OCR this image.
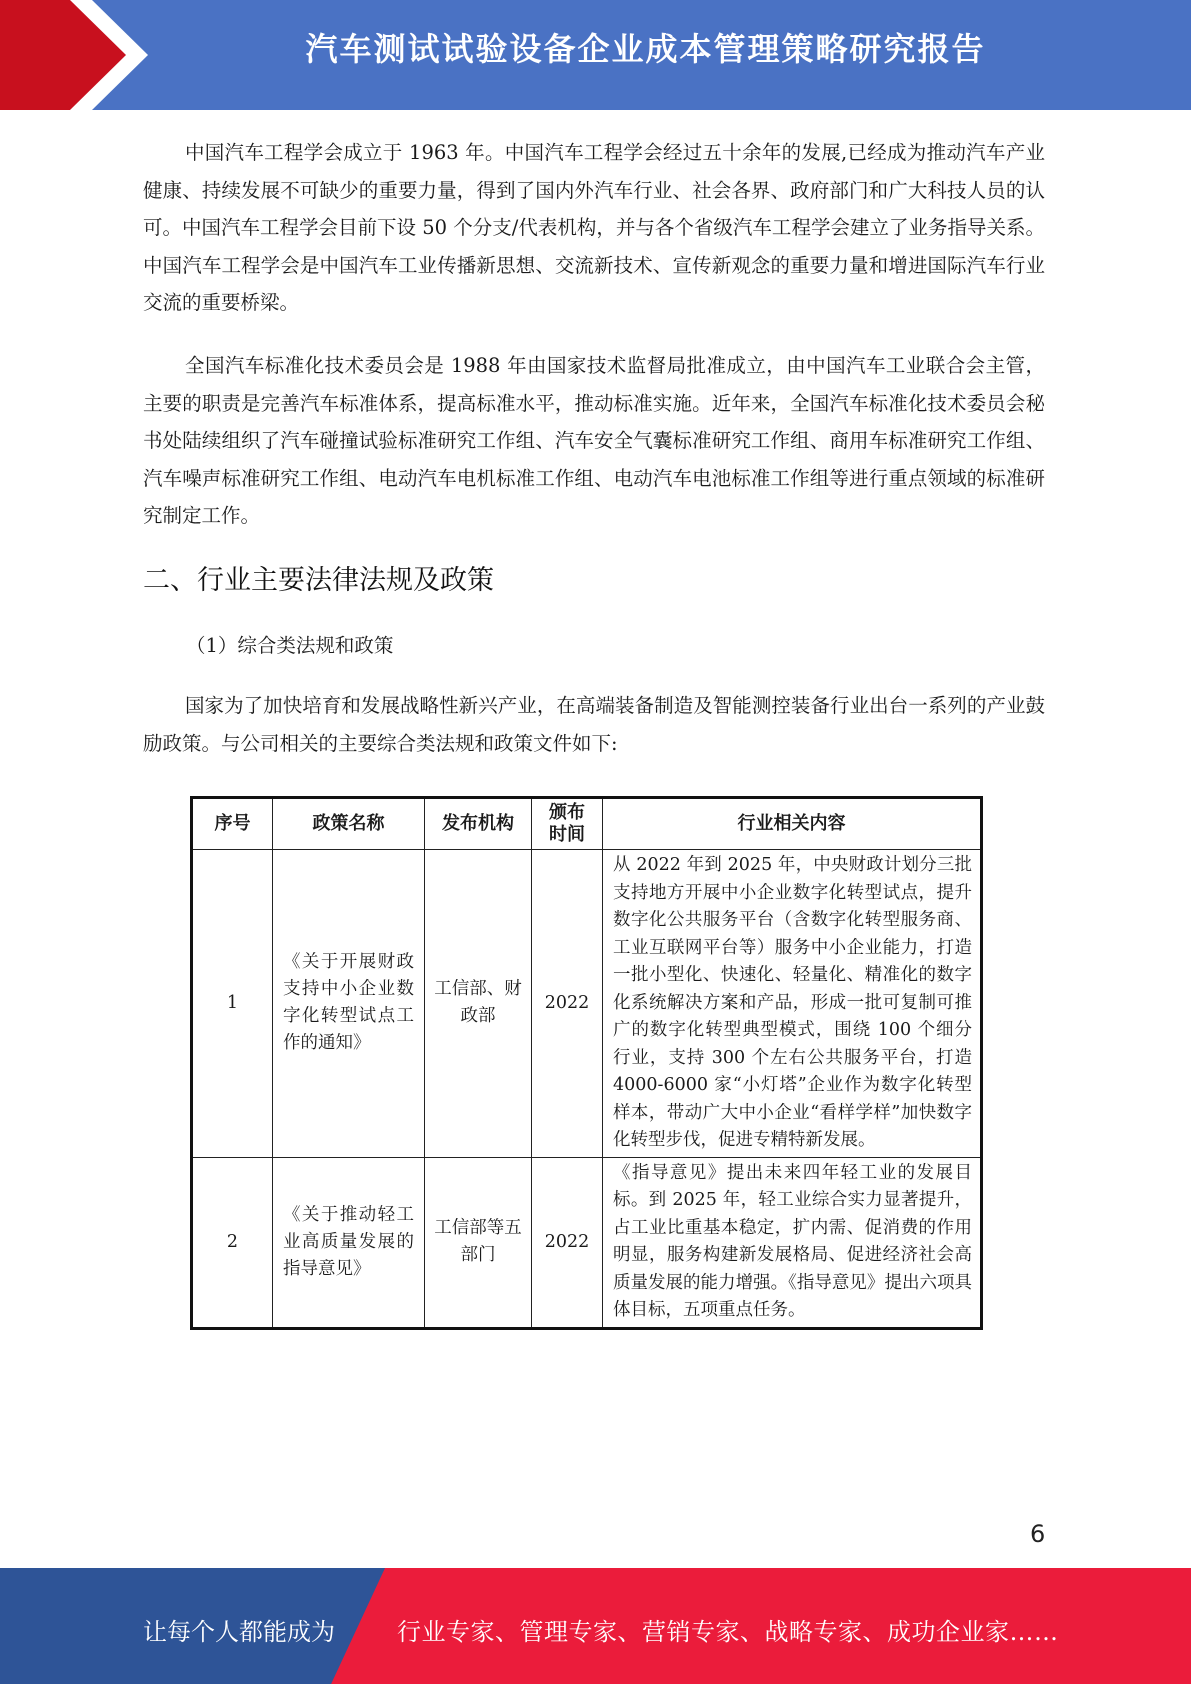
汽车测试试验设备企业成本管理策略研究报告

中国汽车工程学会成立于 1963 年。中国汽车工程学会经过五十余年的发展,已经成为推动汽车产业健康、持续发展不可缺少的重要力量，得到了国内外汽车行业、社会各界、政府部门和广大科技人员的认可。中国汽车工程学会目前下设 50 个分支/代表机构，并与各个省级汽车工程学会建立了业务指导关系。中国汽车工程学会是中国汽车工业传播新思想、交流新技术、宣传新观念的重要力量和增进国际汽车行业交流的重要桥梁。

全国汽车标准化技术委员会是 1988 年由国家技术监督局批准成立，由中国汽车工业联合会主管，主要的职责是完善汽车标准体系，提高标准水平，推动标准实施。近年来，全国汽车标准化技术委员会秘书处陆续组织了汽车碰撞试验标准研究工作组、汽车安全气囊标准研究工作组、商用车标准研究工作组、汽车噪声标准研究工作组、电动汽车电机标准工作组、电动汽车电池标准工作组等进行重点领域的标准研究制定工作。

二、行业主要法律法规及政策

（1）综合类法规和政策

国家为了加快培育和发展战略性新兴产业，在高端装备制造及智能测控装备行业出台一系列的产业鼓励政策。与公司相关的主要综合类法规和政策文件如下:

序号	政策名称	发布机构	颁布时间	行业相关内容
1	《关于开展财政支持中小企业数字化转型试点工作的通知》	工信部、财政部	2022	从 2022 年到 2025 年，中央财政计划分三批支持地方开展中小企业数字化转型试点，提升数字化公共服务平台（含数字化转型服务商、工业互联网平台等）服务中小企业能力，打造一批小型化、快速化、轻量化、精准化的数字化系统解决方案和产品，形成一批可复制可推广的数字化转型典型模式，围绕 100 个细分行业，支持 300 个左右公共服务平台，打造 4000-6000 家“小灯塔”企业作为数字化转型样本，带动广大中小企业“看样学样”加快数字化转型步伐，促进专精特新发展。
2	《关于推动轻工业高质量发展的指导意见》	工信部等五部门	2022	《指导意见》提出未来四年轻工业的发展目标。到 2025 年，轻工业综合实力显著提升，占工业比重基本稳定，扩内需、促消费的作用明显，服务构建新发展格局、促进经济社会高质量发展的能力增强。《指导意见》提出六项具体目标，五项重点任务。
6
让每个人都能成为	行业专家、管理专家、营销专家、战略专家、成功企业家……
